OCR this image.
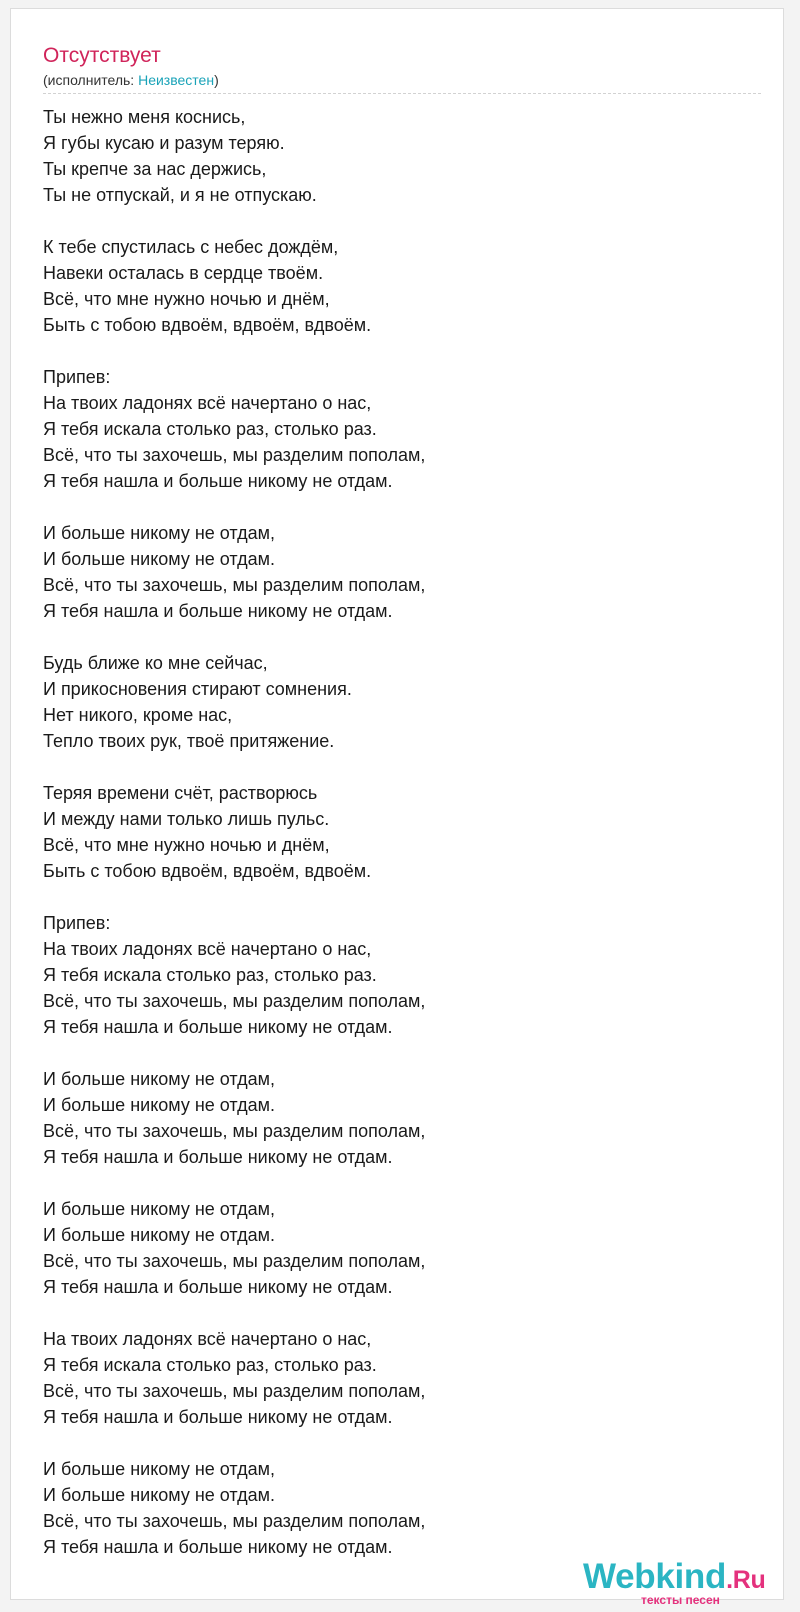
Отсутствует
(исполнитель: Неизвестен)
Ты нежно меня коснись,
Я губы кусаю и разум теряю.
Ты крепче за нас держись,
Ты не отпускай, и я не отпускаю.
К тебе спустилась с небес дождём,
Навеки осталась в сердце твоём.
Всё, что мне нужно ночью и днём,
Быть с тобою вдвоём, вдвоём, вдвоём.
Припев:
На твоих ладонях всё начертано о нас,
Я тебя искала столько раз, столько раз.
Всё, что ты захочешь, мы разделим пополам,
Я тебя нашла и больше никому не отдам.
И больше никому не отдам,
И больше никому не отдам.
Всё, что ты захочешь, мы разделим пополам,
Я тебя нашла и больше никому не отдам.
Будь ближе ко мне сейчас,
И прикосновения стирают сомнения.
Нет никого, кроме нас,
Тепло твоих рук, твоё притяжение.
Теряя времени счёт, растворюсь
И между нами только лишь пульс.
Всё, что мне нужно ночью и днём,
Быть с тобою вдвоём, вдвоём, вдвоём.
Припев:
На твоих ладонях всё начертано о нас,
Я тебя искала столько раз, столько раз.
Всё, что ты захочешь, мы разделим пополам,
Я тебя нашла и больше никому не отдам.
И больше никому не отдам,
И больше никому не отдам.
Всё, что ты захочешь, мы разделим пополам,
Я тебя нашла и больше никому не отдам.
И больше никому не отдам,
И больше никому не отдам.
Всё, что ты захочешь, мы разделим пополам,
Я тебя нашла и больше никому не отдам.
На твоих ладонях всё начертано о нас,
Я тебя искала столько раз, столько раз.
Всё, что ты захочешь, мы разделим пополам,
Я тебя нашла и больше никому не отдам.
И больше никому не отдам,
И больше никому не отдам.
Всё, что ты захочешь, мы разделим пополам,
Я тебя нашла и больше никому не отдам.
Webkind.Ru
тексты песен
